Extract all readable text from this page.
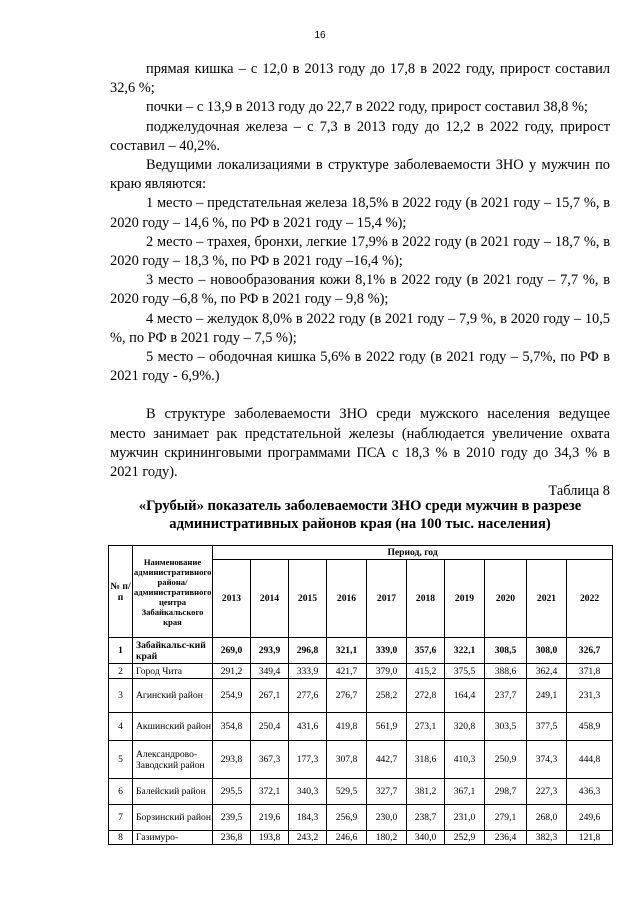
16

прямая кишка – с 12,0 в 2013 году до 17,8 в 2022 году, прирост составил 32,6 %;

почки – с 13,9 в 2013 году до 22,7 в 2022 году, прирост составил 38,8 %;

поджелудочная железа – с 7,3 в 2013 году до 12,2 в 2022 году, прирост составил – 40,2%.

Ведущими локализациями в структуре заболеваемости ЗНО у мужчин по краю являются:

1 место – предстательная железа 18,5% в 2022 году (в 2021 году – 15,7 %, в 2020 году – 14,6 %, по РФ в 2021 году – 15,4 %);

2 место – трахея, бронхи, легкие 17,9% в 2022 году (в 2021 году – 18,7 %, в 2020 году – 18,3 %, по РФ в 2021 году –16,4 %);

3 место – новообразования кожи 8,1% в 2022 году (в 2021 году – 7,7 %, в 2020 году –6,8 %, по РФ в 2021 году – 9,8 %);

4 место – желудок 8,0% в 2022 году (в 2021 году – 7,9 %, в 2020 году – 10,5 %, по РФ в 2021 году – 7,5 %);

5 место – ободочная кишка 5,6% в 2022 году (в 2021 году – 5,7%, по РФ в 2021 году - 6,9%.)

В структуре заболеваемости ЗНО среди мужского населения ведущее место занимает рак предстательной железы (наблюдается увеличение охвата мужчин скрининговыми программами ПСА с 18,3 % в 2010 году до 34,3 % в 2021 году).

Таблица 8
«Грубый» показатель заболеваемости ЗНО среди мужчин в разрезе административных районов края (на 100 тыс. населения)
№ п/п	Наименование административного района/ административного центра Забайкальского края	Период, год									
		2013	2014	2015	2016	2017	2018	2019	2020	2021	2022
1	Забайкальс-кий край	269,0	293,9	296,8	321,1	339,0	357,6	322,1	308,5	308,0	326,7
2	Город Чита	291,2	349,4	333,9	421,7	379,0	415,2	375,5	388,6	362,4	371,8
3	Агинский район	254,9	267,1	277,6	276,7	258,2	272,8	164,4	237,7	249,1	231,3
4	Акшинский район	354,8	250,4	431,6	419,8	561,9	273,1	320,8	303,5	377,5	458,9
5	Александрово-Заводский район	293,8	367,3	177,3	307,8	442,7	318,6	410,3	250,9	374,3	444,8
6	Балейский район	295,5	372,1	340,3	529,5	327,7	381,2	367,1	298,7	227,3	436,3
7	Борзинский район	239,5	219,6	184,3	256,9	230,0	238,7	231,0	279,1	268,0	249,6
8	Газимуро-	236,8	193,8	243,2	246,6	180,2	340,0	252,9	236,4	382,3	121,8
